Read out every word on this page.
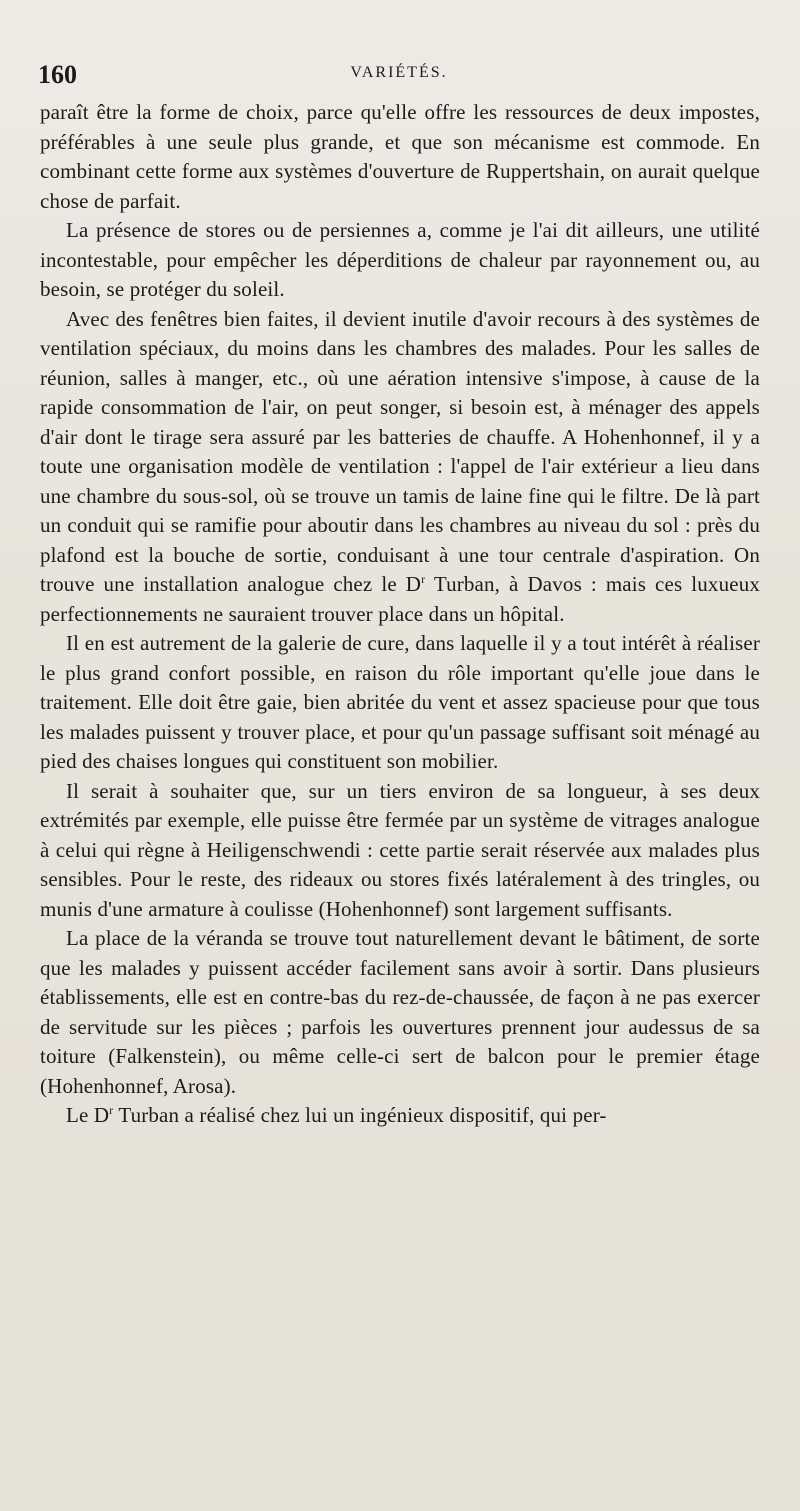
160	VARIÉTÉS.

paraît être la forme de choix, parce qu'elle offre les ressources de deux impostes, préférables à une seule plus grande, et que son mécanisme est commode. En combinant cette forme aux systèmes d'ouverture de Ruppertshain, on aurait quelque chose de parfait.

La présence de stores ou de persiennes a, comme je l'ai dit ailleurs, une utilité incontestable, pour empêcher les déperditions de chaleur par rayonnement ou, au besoin, se protéger du soleil.

Avec des fenêtres bien faites, il devient inutile d'avoir recours à des systèmes de ventilation spéciaux, du moins dans les chambres des malades. Pour les salles de réunion, salles à manger, etc., où une aération intensive s'impose, à cause de la rapide consommation de l'air, on peut songer, si besoin est, à ménager des appels d'air dont le tirage sera assuré par les batteries de chauffe. A Hohenhonnef, il y a toute une organisation modèle de ventilation : l'appel de l'air extérieur a lieu dans une chambre du sous-sol, où se trouve un tamis de laine fine qui le filtre. De là part un conduit qui se ramifie pour aboutir dans les chambres au niveau du sol : près du plafond est la bouche de sortie, conduisant à une tour centrale d'aspiration. On trouve une installation analogue chez le $D^r$ Turban, à Davos : mais ces luxueux perfectionnements ne sauraient trouver place dans un hôpital.

Il en est autrement de la galerie de cure, dans laquelle il y a tout intérêt à réaliser le plus grand confort possible, en raison du rôle important qu'elle joue dans le traitement. Elle doit être gaie, bien abritée du vent et assez spacieuse pour que tous les malades puissent y trouver place, et pour qu'un passage suffisant soit ménagé au pied des chaises longues qui constituent son mobilier.

Il serait à souhaiter que, sur un tiers environ de sa longueur, à ses deux extrémités par exemple, elle puisse être fermée par un système de vitrages analogue à celui qui règne à Heiligenschwendi : cette partie serait réservée aux malades plus sensibles. Pour le reste, des rideaux ou stores fixés latéralement à des tringles, ou munis d'une armature à coulisse (Hohenhonnef) sont largement suffisants.

La place de la véranda se trouve tout naturellement devant le bâtiment, de sorte que les malades y puissent accéder facilement sans avoir à sortir. Dans plusieurs établissements, elle est en contre-bas du rez-de-chaussée, de façon à ne pas exercer de servitude sur les pièces ; parfois les ouvertures prennent jour audessus de sa toiture (Falkenstein), ou même celle-ci sert de balcon pour le premier étage (Hohenhonnef, Arosa).

Le $D^r$ Turban a réalisé chez lui un ingénieux dispositif, qui per-
